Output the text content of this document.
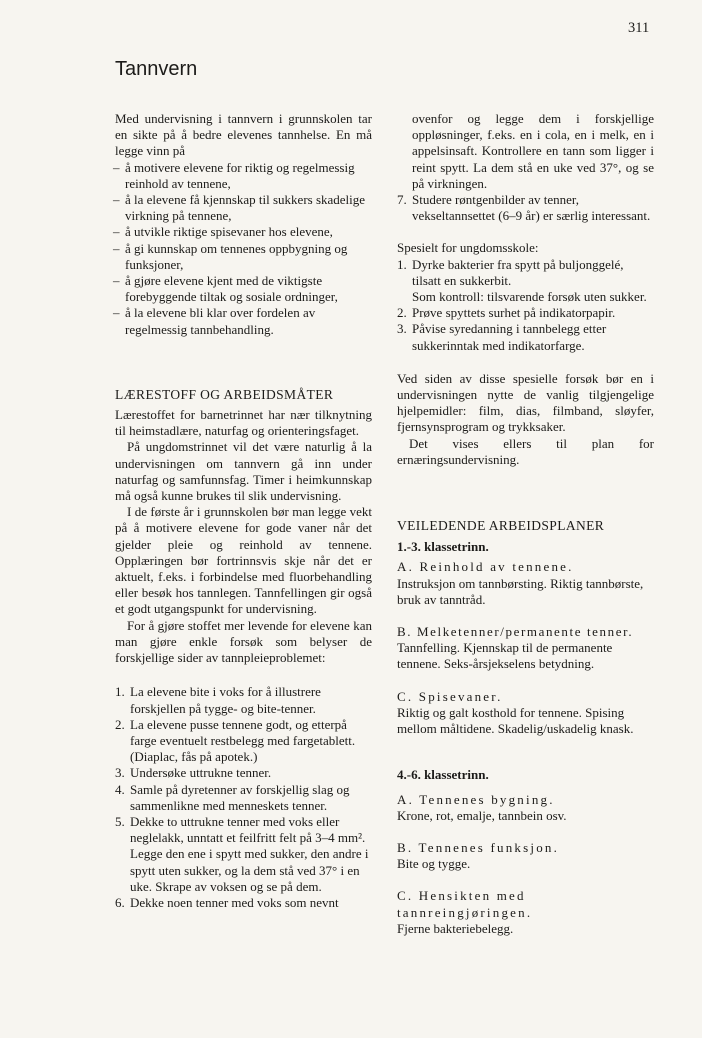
311
Tannvern

Med undervisning i tannvern i grunnskolen tar en sikte på å bedre elevenes tannhelse. En må legge vinn på

– å motivere elevene for riktig og regelmessig reinhold av tennene,
– å la elevene få kjennskap til sukkers skadelige virkning på tennene,
– å utvikle riktige spisevaner hos elevene,
– å gi kunnskap om tennenes oppbygning og funksjoner,
– å gjøre elevene kjent med de viktigste forebyggende tiltak og sosiale ordninger,
– å la elevene bli klar over fordelen av regelmessig tannbehandling.
LÆRESTOFF OG ARBEIDSMÅTER

Lærestoffet for barnetrinnet har nær tilknytning til heimstadlære, naturfag og orienteringsfaget.

På ungdomstrinnet vil det være naturlig å la undervisningen om tannvern gå inn under naturfag og samfunnsfag. Timer i heimkunnskap må også kunne brukes til slik undervisning.

I de første år i grunnskolen bør man legge vekt på å motivere elevene for gode vaner når det gjelder pleie og reinhold av tennene. Opplæringen bør fortrinnsvis skje når det er aktuelt, f.eks. i forbindelse med fluorbehandling eller besøk hos tannlegen. Tannfellingen gir også et godt utgangspunkt for undervisning.

For å gjøre stoffet mer levende for elevene kan man gjøre enkle forsøk som belyser de forskjellige sider av tannpleieproblemet:

1. La elevene bite i voks for å illustrere forskjellen på tygge- og bite-tenner.
2. La elevene pusse tennene godt, og etterpå farge eventuelt restbelegg med fargetablett. (Diaplac, fås på apotek.)
3. Undersøke uttrukne tenner.
4. Samle på dyretenner av forskjellig slag og sammenlikne med menneskets tenner.
5. Dekke to uttrukne tenner med voks eller neglelakk, unntatt et feilfritt felt på 3–4 mm². Legge den ene i spytt med sukker, den andre i spytt uten sukker, og la dem stå ved 37° i en uke. Skrape av voksen og se på dem.
6. Dekke noen tenner med voks som nevnt

ovenfor og legge dem i forskjellige oppløsninger, f.eks. en i cola, en i melk, en i appelsinsaft. Kontrollere en tann som ligger i reint spytt. La dem stå en uke ved 37°, og se på virkningen.

7. Studere røntgenbilder av tenner, vekseltannsettet (6–9 år) er særlig interessant.

Spesielt for ungdomsskole:

1. Dyrke bakterier fra spytt på buljonggelé, tilsatt en sukkerbit.
Som kontroll: tilsvarende forsøk uten sukker.
2. Prøve spyttets surhet på indikatorpapir.
3. Påvise syredanning i tannbelegg etter sukkerinntak med indikatorfarge.

Ved siden av disse spesielle forsøk bør en i undervisningen nytte de vanlig tilgjengelige hjelpemidler: film, dias, filmband, sløyfer, fjernsynsprogram og trykksaker.

Det vises ellers til plan for ernæringsundervisning.

VEILEDENDE ARBEIDSPLANER
1.-3. klassetrinn.
A. Reinhold av tennene.

Instruksjon om tannbørsting. Riktig tannbørste, bruk av tanntråd.

B. Melketenner/permanente tenner.

Tannfelling. Kjennskap til de permanente tennene. Seks-årsjekselens betydning.

C. Spisevaner.

Riktig og galt kosthold for tennene. Spising mellom måltidene. Skadelig/uskadelig knask.

4.-6. klassetrinn.
A. Tennenes bygning.

Krone, rot, emalje, tannbein osv.

B. Tennenes funksjon.

Bite og tygge.

C. Hensikten med tannreingjøringen.

Fjerne bakteriebelegg.
